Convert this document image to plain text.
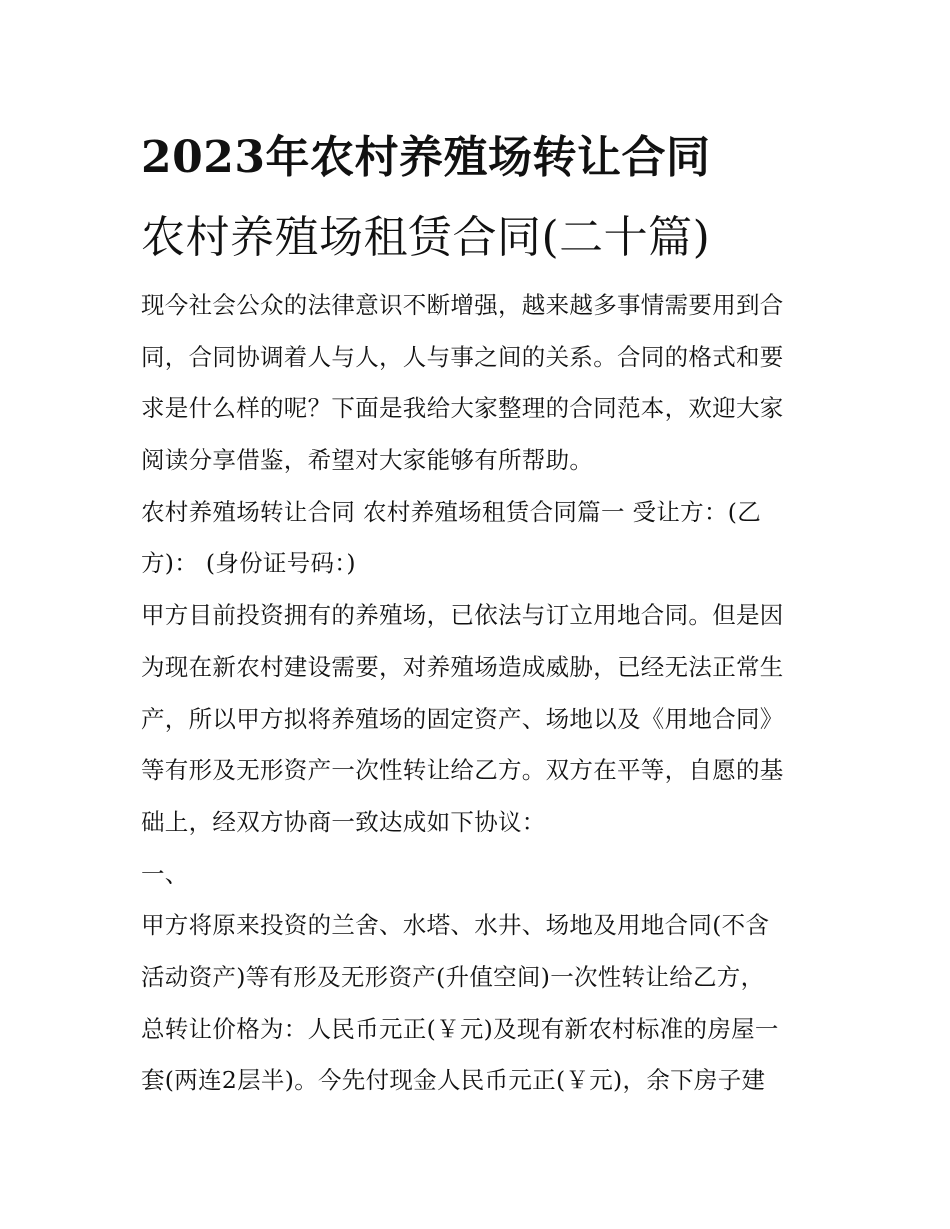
2023年农村养殖场转让合同
农村养殖场租赁合同(二十篇)
现今社会公众的法律意识不断增强，越来越多事情需要用到合
同，合同协调着人与人，人与事之间的关系。合同的格式和要
求是什么样的呢？下面是我给大家整理的合同范本，欢迎大家
阅读分享借鉴，希望对大家能够有所帮助。
农村养殖场转让合同 农村养殖场租赁合同篇一 受让方：(乙
方)： (身份证号码：)
甲方目前投资拥有的养殖场，已依法与订立用地合同。但是因
为现在新农村建设需要，对养殖场造成威胁，已经无法正常生
产，所以甲方拟将养殖场的固定资产、场地以及《用地合同》
等有形及无形资产一次性转让给乙方。双方在平等，自愿的基
础上，经双方协商一致达成如下协议：
一、
甲方将原来投资的兰舍、水塔、水井、场地及用地合同(不含
活动资产)等有形及无形资产(升值空间)一次性转让给乙方，
总转让价格为：人民币元正(￥元)及现有新农村标准的房屋一
套(两连2层半)。今先付现金人民币元正(￥元)，余下房子建
